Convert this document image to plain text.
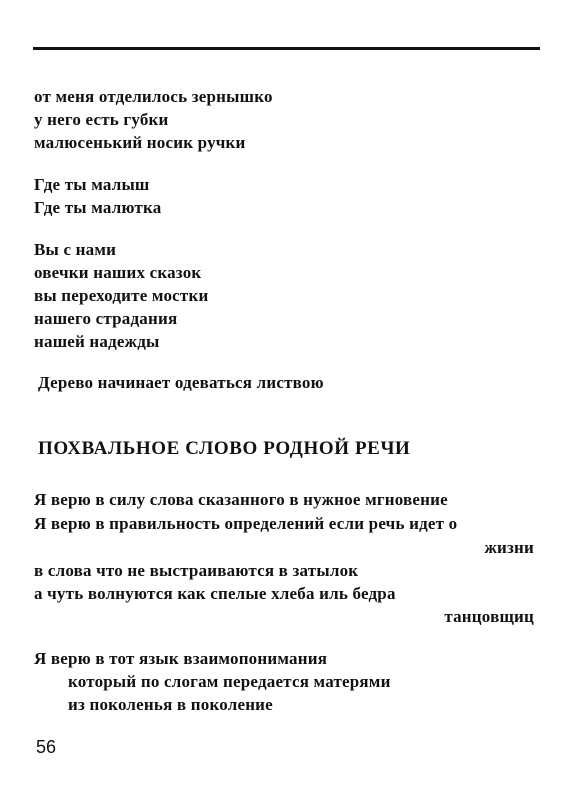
от меня отделилось зернышко
у него есть губки
малюсенький носик ручки
Где ты малыш
Где ты малютка
Вы с нами
овечки наших сказок
вы переходите мостки
нашего страдания
нашей надежды
Дерево начинает одеваться листвою
ПОХВАЛЬНОЕ СЛОВО РОДНОЙ РЕЧИ
Я верю в силу слова сказанного в нужное мгновение
Я верю в правильность определений если речь идет о
жизни
в слова что не выстраиваются в затылок
а чуть волнуются как спелые хлеба иль бедра
танцовщиц
Я верю в тот язык взаимопонимания
который по слогам передается матерями
из поколенья в поколение
56
